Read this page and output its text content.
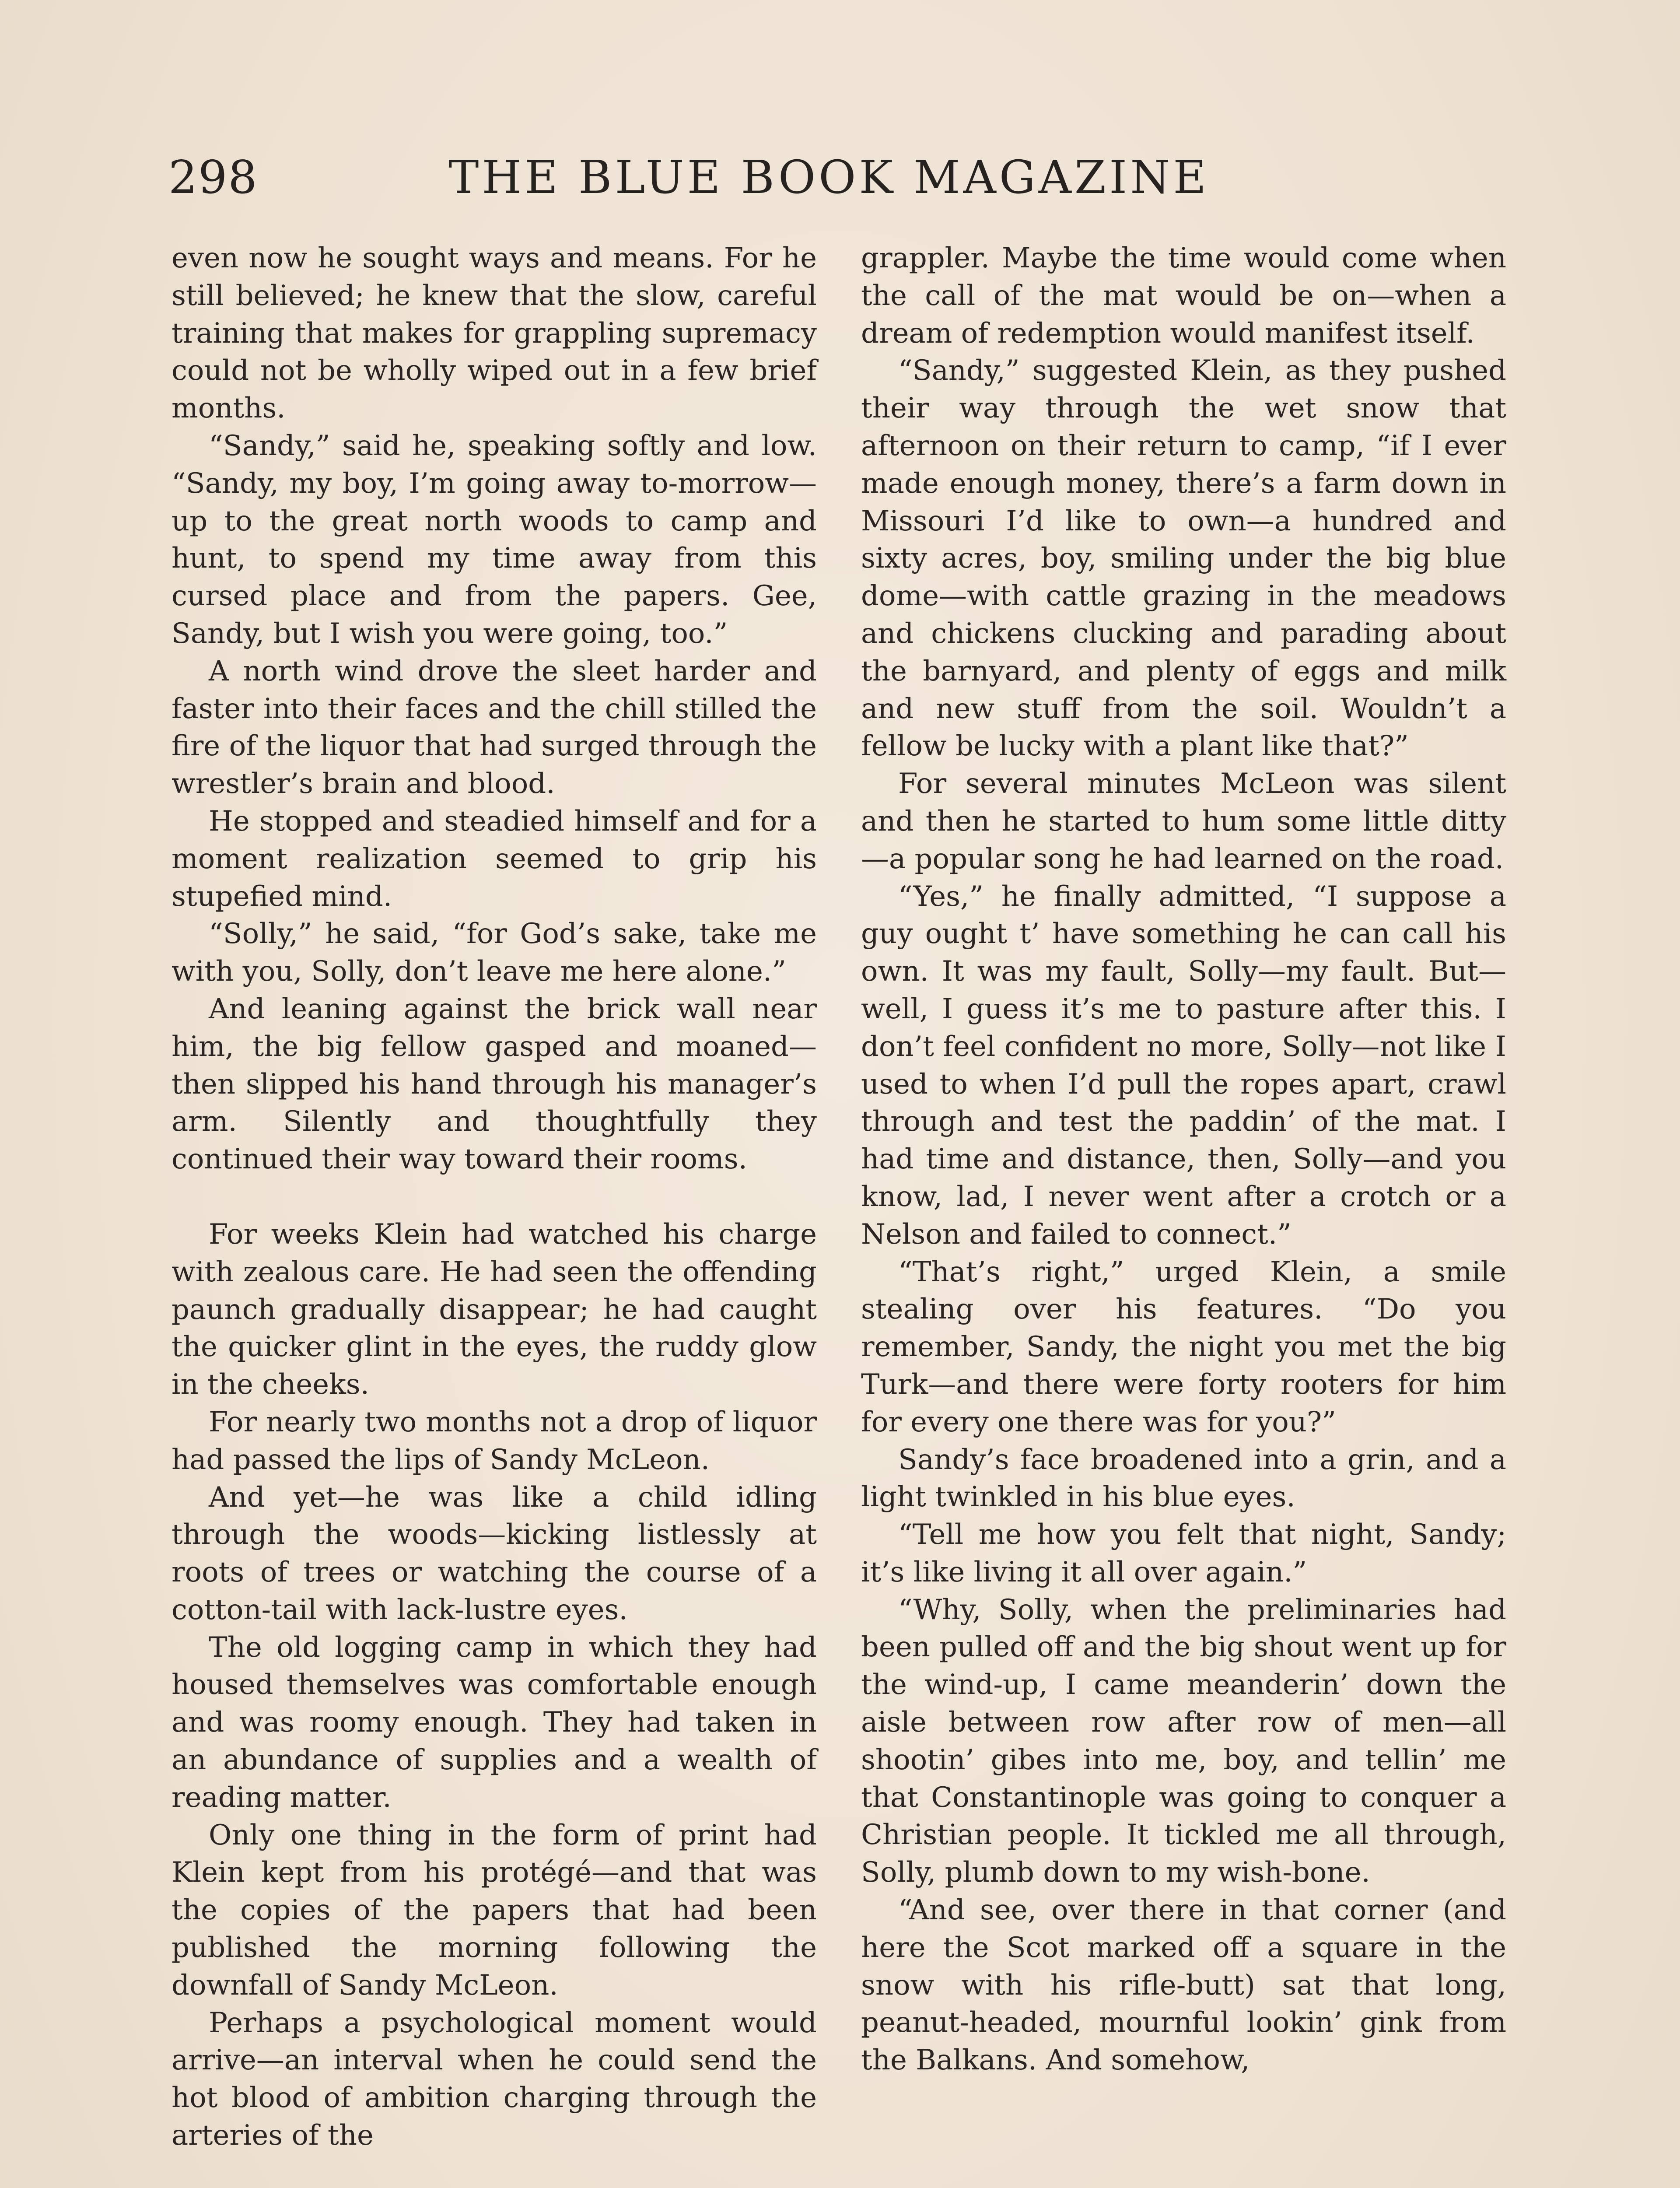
298	THE BLUE BOOK MAGAZINE

even now he sought ways and means. For he still believed; he knew that the slow, careful training that makes for grappling supremacy could not be wholly wiped out in a few brief months.

“Sandy,” said he, speaking softly and low. “Sandy, my boy, I’m going away to-morrow—up to the great north woods to camp and hunt, to spend my time away from this cursed place and from the papers. Gee, Sandy, but I wish you were going, too.”

A north wind drove the sleet harder and faster into their faces and the chill stilled the fire of the liquor that had surged through the wrestler’s brain and blood.

He stopped and steadied himself and for a moment realization seemed to grip his stupefied mind.

“Solly,” he said, “for God’s sake, take me with you, Solly, don’t leave me here alone.”

And leaning against the brick wall near him, the big fellow gasped and moaned—then slipped his hand through his manager’s arm. Silently and thoughtfully they continued their way toward their rooms.

For weeks Klein had watched his charge with zealous care. He had seen the offending paunch gradually disappear; he had caught the quicker glint in the eyes, the ruddy glow in the cheeks.

For nearly two months not a drop of liquor had passed the lips of Sandy McLeon.

And yet—he was like a child idling through the woods—kicking listlessly at roots of trees or watching the course of a cotton-tail with lack-lustre eyes.

The old logging camp in which they had housed themselves was comfortable enough and was roomy enough. They had taken in an abundance of supplies and a wealth of reading matter.

Only one thing in the form of print had Klein kept from his protégé—and that was the copies of the papers that had been published the morning following the downfall of Sandy McLeon.

Perhaps a psychological moment would arrive—an interval when he could send the hot blood of ambition charging through the arteries of the

grappler. Maybe the time would come when the call of the mat would be on—when a dream of redemption would manifest itself.

“Sandy,” suggested Klein, as they pushed their way through the wet snow that afternoon on their return to camp, “if I ever made enough money, there’s a farm down in Missouri I’d like to own—a hundred and sixty acres, boy, smiling under the big blue dome—with cattle grazing in the meadows and chickens clucking and parading about the barnyard, and plenty of eggs and milk and new stuff from the soil. Wouldn’t a fellow be lucky with a plant like that?”

For several minutes McLeon was silent and then he started to hum some little ditty—a popular song he had learned on the road.

“Yes,” he finally admitted, “I suppose a guy ought t’ have something he can call his own. It was my fault, Solly—my fault. But—well, I guess it’s me to pasture after this. I don’t feel confident no more, Solly—not like I used to when I’d pull the ropes apart, crawl through and test the paddin’ of the mat. I had time and distance, then, Solly—and you know, lad, I never went after a crotch or a Nelson and failed to connect.”

“That’s right,” urged Klein, a smile stealing over his features. “Do you remember, Sandy, the night you met the big Turk—and there were forty rooters for him for every one there was for you?”

Sandy’s face broadened into a grin, and a light twinkled in his blue eyes.

“Tell me how you felt that night, Sandy; it’s like living it all over again.”

“Why, Solly, when the preliminaries had been pulled off and the big shout went up for the wind-up, I came meanderin’ down the aisle between row after row of men—all shootin’ gibes into me, boy, and tellin’ me that Constantinople was going to conquer a Christian people. It tickled me all through, Solly, plumb down to my wish-bone.

“And see, over there in that corner (and here the Scot marked off a square in the snow with his rifle-butt) sat that long, peanut-headed, mournful lookin’ gink from the Balkans. And somehow,
